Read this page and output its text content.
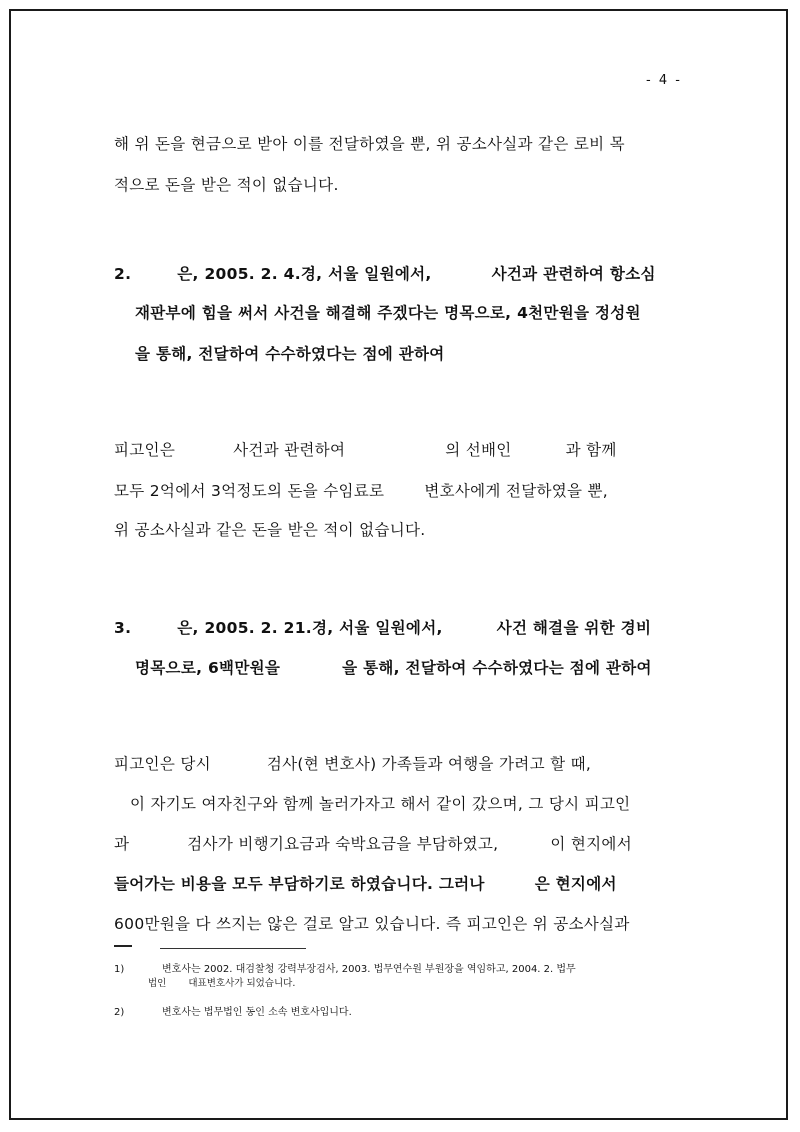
- 4 -
해 위 돈을 현금으로 받아 이를 전달하였을 뿐, 위 공소사실과 같은 로비 목
적으로 돈을 받은 적이 없습니다.
2.	은, 2005. 2. 4.경, 서울 일원에서,	사건과 관련하여 항소심
재판부에 힘을 써서 사건을 해결해 주겠다는 명목으로, 4천만원을 정성원
을 통해, 전달하여 수수하였다는 점에 관하여
피고인은	사건과 관련하여	의 선배인	과 함께
모두 2억에서 3억정도의 돈을 수임료로	변호사에게 전달하였을 뿐,
위 공소사실과 같은 돈을 받은 적이 없습니다.
3.	은, 2005. 2. 21.경, 서울 일원에서,	사건 해결을 위한 경비
명목으로, 6백만원을	을 통해, 전달하여 수수하였다는 점에 관하여
피고인은 당시	검사(현 변호사) 가족들과 여행을 가려고 할 때,
이 자기도 여자친구와 함께 놀러가자고 해서 같이 갔으며, 그 당시 피고인
과	검사가 비행기요금과 숙박요금을 부담하였고,	이 현지에서
들어가는 비용을 모두 부담하기로 하였습니다. 그러나	은 현지에서
600만원을 다 쓰지는 않은 걸로 알고 있습니다. 즉 피고인은 위 공소사실과
1)	변호사는 2002. 대검찰청 강력부장검사, 2003. 법무연수원 부원장을 역임하고, 2004. 2. 법무
법인 대표변호사가 되었습니다.
2)	변호사는 법무법인 동인 소속 변호사입니다.
